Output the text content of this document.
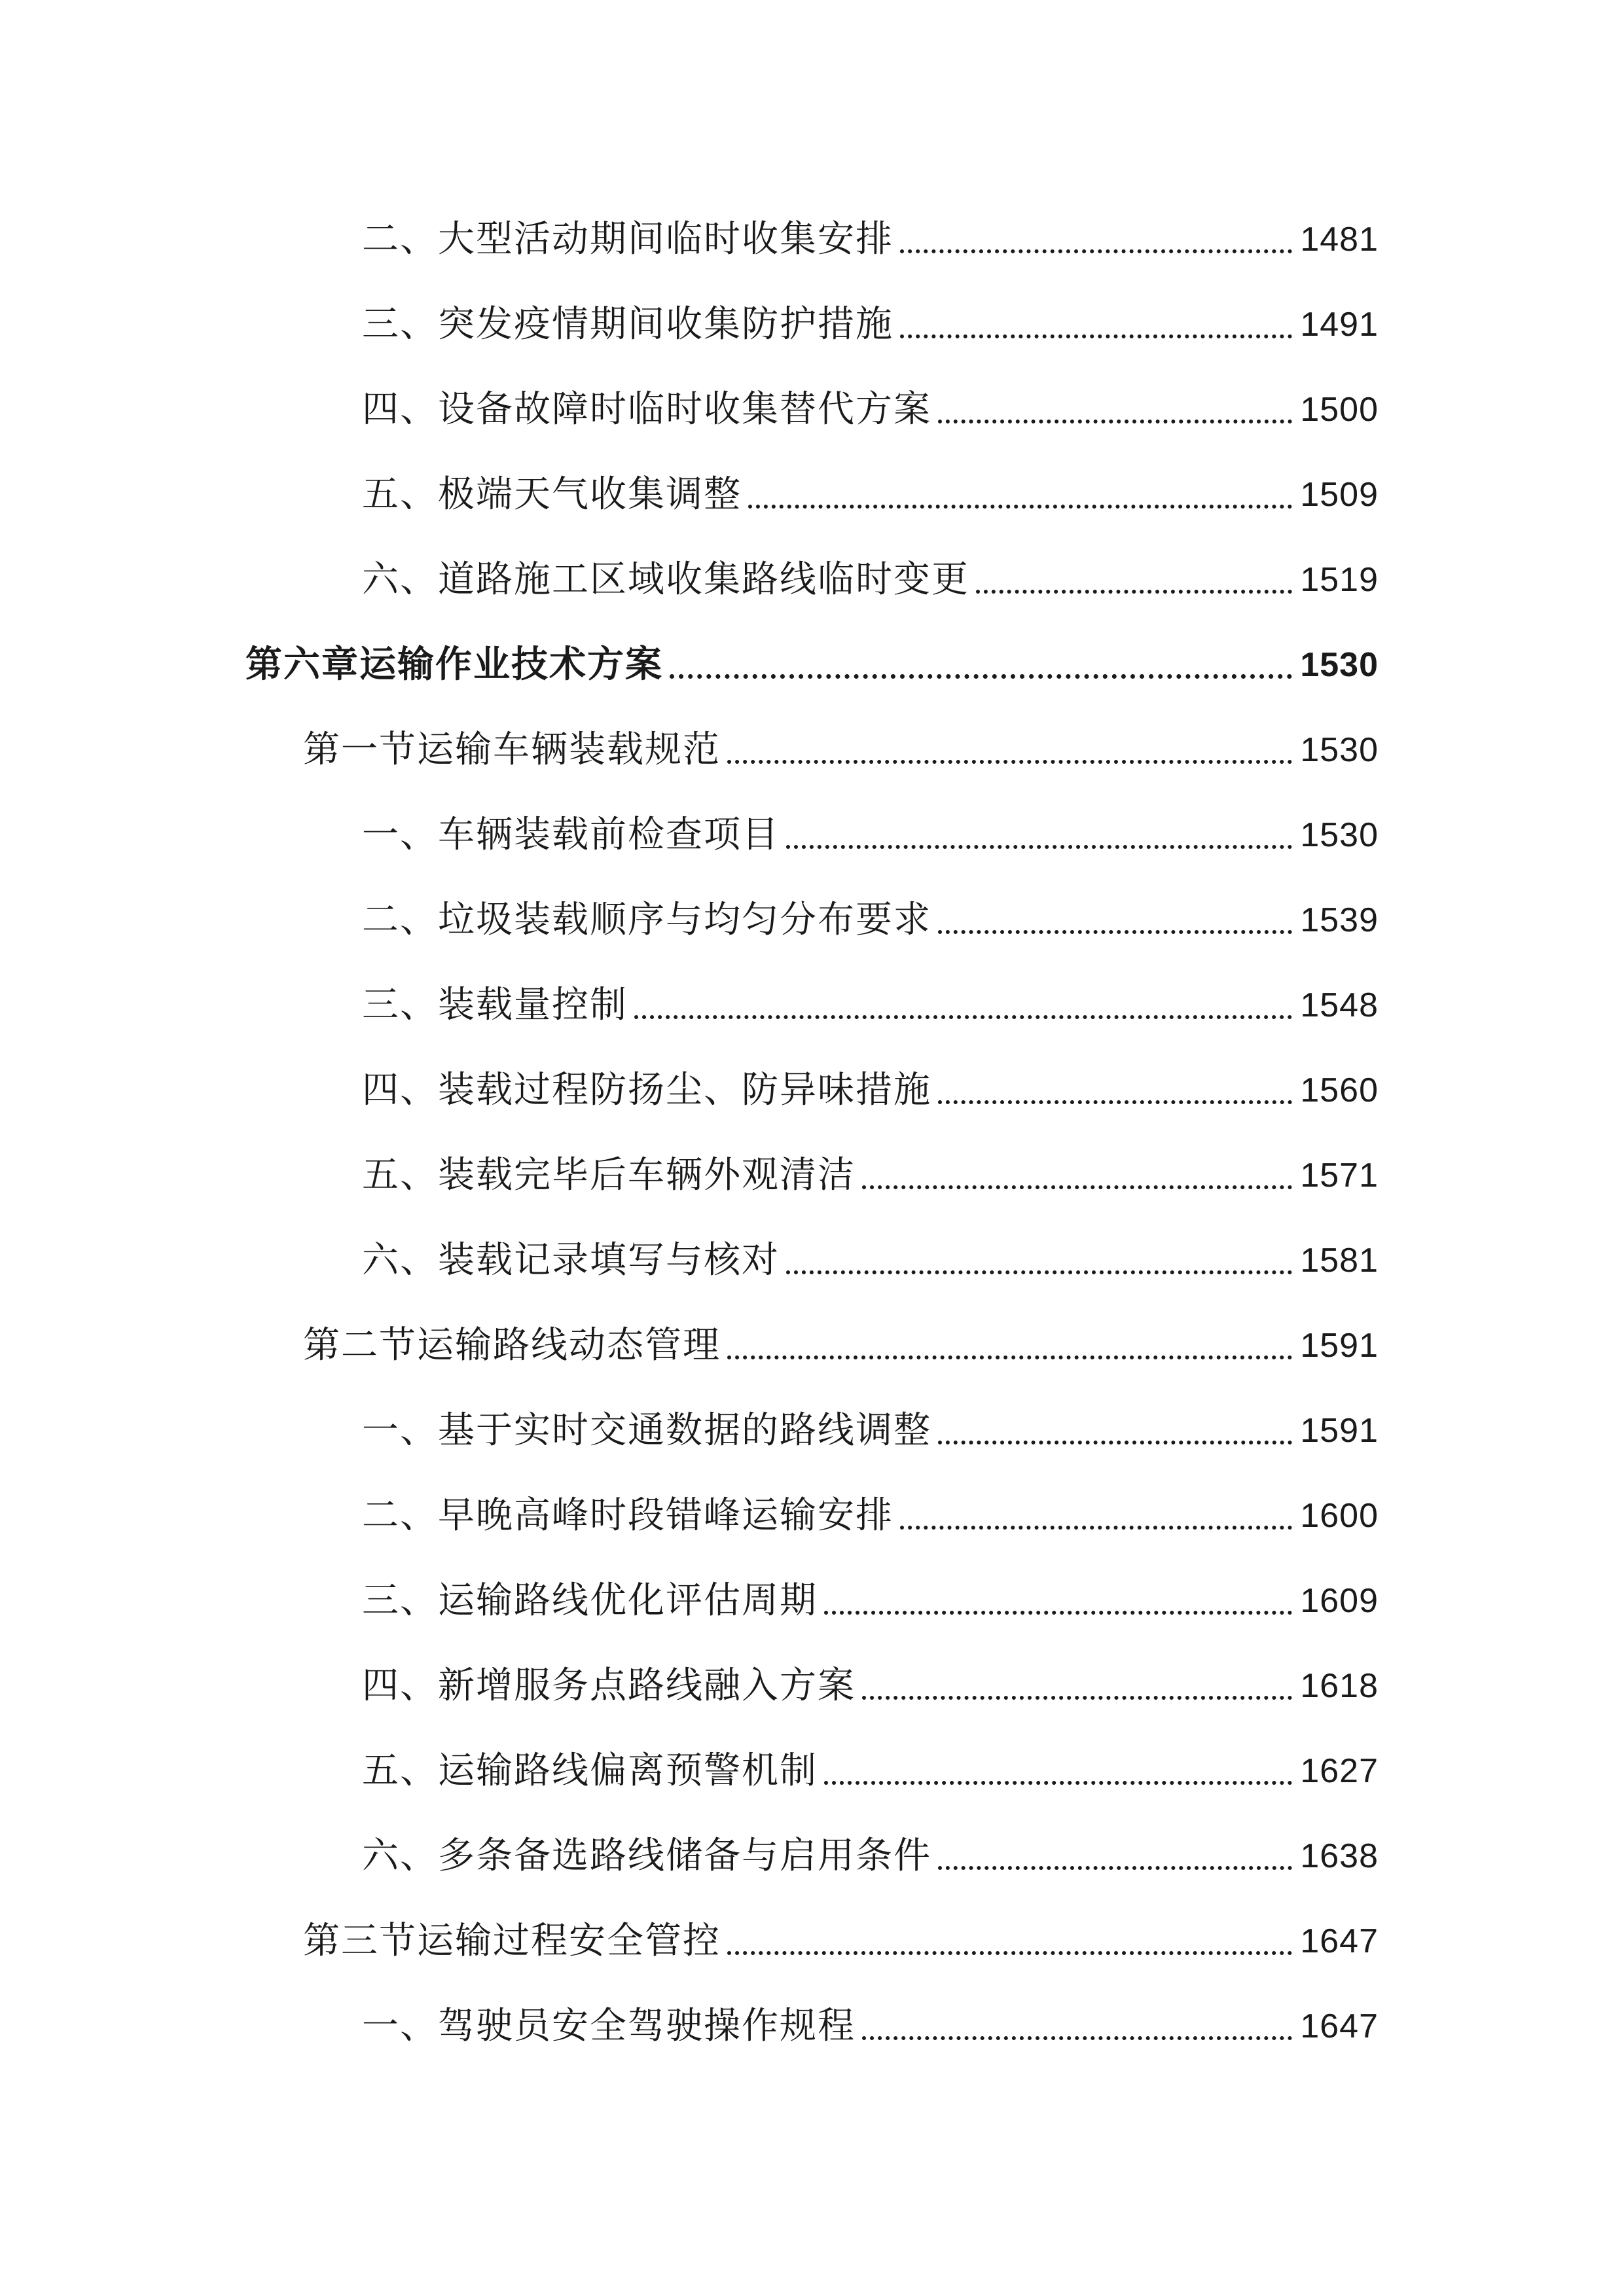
二、大型活动期间临时收集安排	1481
三、突发疫情期间收集防护措施	1491
四、设备故障时临时收集替代方案	1500
五、极端天气收集调整	1509
六、道路施工区域收集路线临时变更	1519
第六章运输作业技术方案	1530
第一节运输车辆装载规范	1530
一、车辆装载前检查项目	1530
二、垃圾装载顺序与均匀分布要求	1539
三、装载量控制	1548
四、装载过程防扬尘、防异味措施	1560
五、装载完毕后车辆外观清洁	1571
六、装载记录填写与核对	1581
第二节运输路线动态管理	1591
一、基于实时交通数据的路线调整	1591
二、早晚高峰时段错峰运输安排	1600
三、运输路线优化评估周期	1609
四、新增服务点路线融入方案	1618
五、运输路线偏离预警机制	1627
六、多条备选路线储备与启用条件	1638
第三节运输过程安全管控	1647
一、驾驶员安全驾驶操作规程	1647
